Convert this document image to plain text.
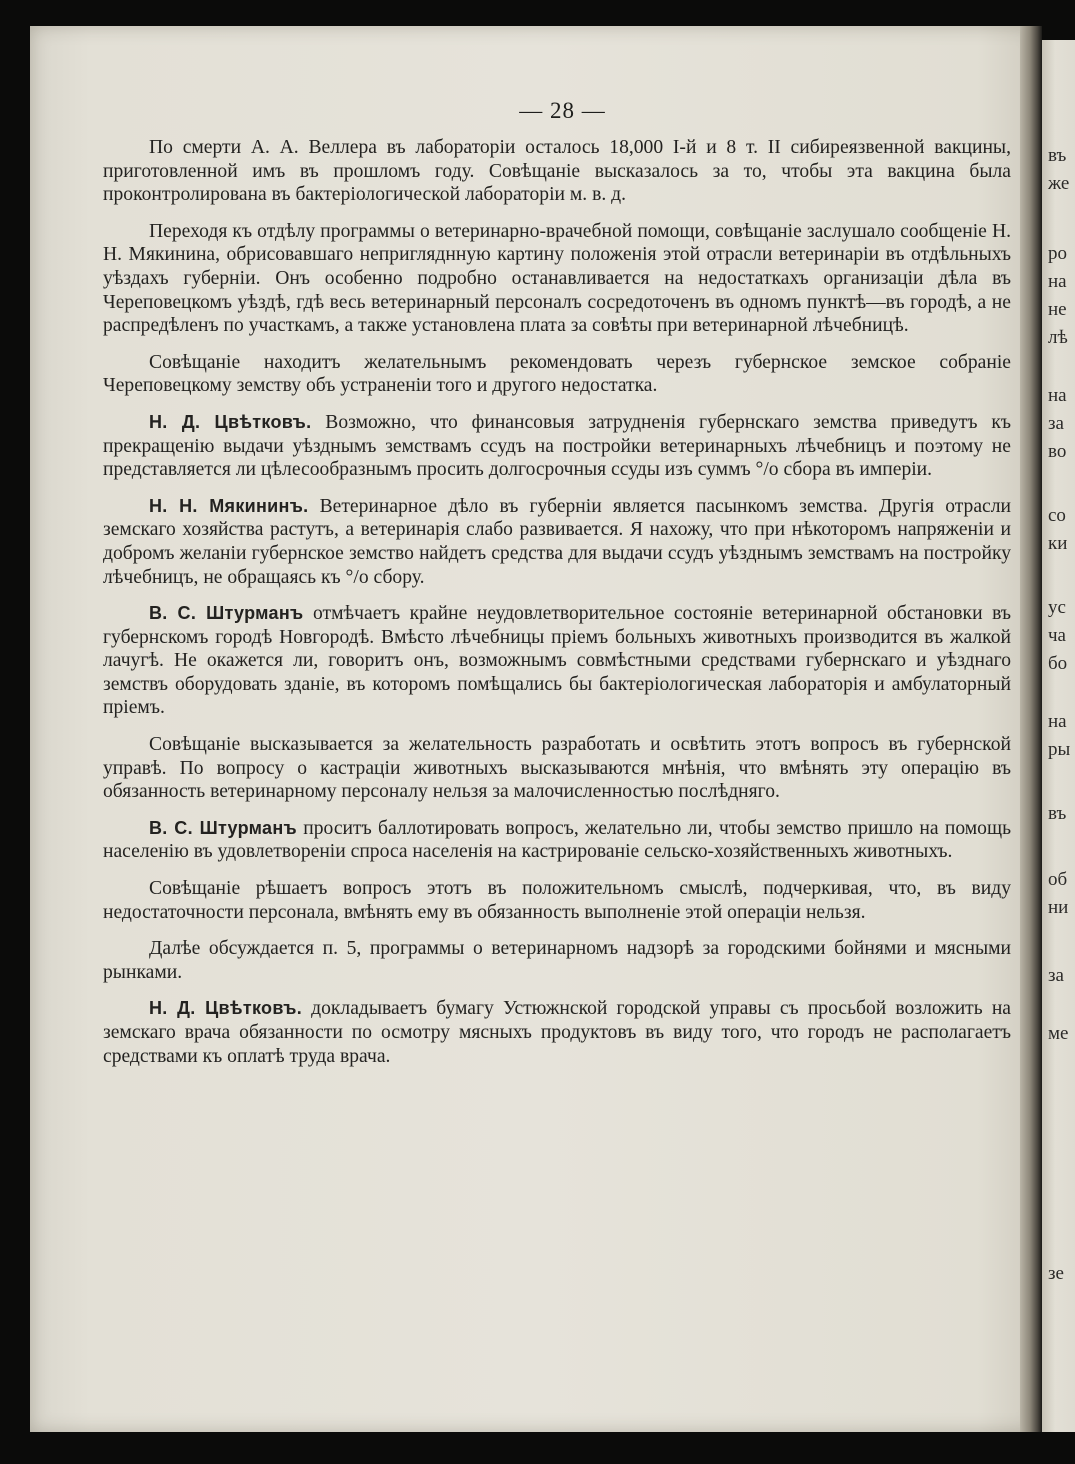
въ
же
ро
на
не
лѣ
на
за
во
со
ки
ус
ча
бо
на
ры
въ
об
ни
за
ме
зе
— 28 —

По смерти А. А. Веллера въ лабораторіи осталось 18,000 I-й и 8 т. II сибиреязвенной вакцины, приготовленной имъ въ прошломъ году. Совѣщаніе высказалось за то, чтобы эта вакцина была проконтролирована въ бактеріологической лабораторіи м. в. д.

Переходя къ отдѣлу программы о ветеринарно-врачебной помощи, совѣщаніе заслушало сообщеніе Н. Н. Мякинина, обрисовавшаго непригляднную картину положенія этой отрасли ветеринаріи въ отдѣльныхъ уѣздахъ губерніи. Онъ особенно подробно останавливается на недостаткахъ организаціи дѣла въ Череповецкомъ уѣздѣ, гдѣ весь ветеринарный персоналъ сосредоточенъ въ одномъ пунктѣ—въ городѣ, а не распредѣленъ по участкамъ, а также установлена плата за совѣты при ветеринарной лѣчебницѣ.

Совѣщаніе находитъ желательнымъ рекомендовать черезъ губернское земское собраніе Череповецкому земству объ устраненіи того и другого недостатка.

Н. Д. Цвѣтковъ. Возможно, что финансовыя затрудненія губернскаго земства приведутъ къ прекращенію выдачи уѣзднымъ земствамъ ссудъ на постройки ветеринарныхъ лѣчебницъ и поэтому не представляется ли цѣлесообразнымъ просить долгосрочныя ссуды изъ суммъ °/о сбора въ имперіи.

Н. Н. Мякининъ. Ветеринарное дѣло въ губерніи является пасынкомъ земства. Другія отрасли земскаго хозяйства растутъ, а ветеринарія слабо развивается. Я нахожу, что при нѣкоторомъ напряженіи и добромъ желаніи губернское земство найдетъ средства для выдачи ссудъ уѣзднымъ земствамъ на постройку лѣчебницъ, не обращаясь къ °/о сбору.

В. С. Штурманъ отмѣчаетъ крайне неудовлетворительное состояніе ветеринарной обстановки въ губернскомъ городѣ Новгородѣ. Вмѣсто лѣчебницы пріемъ больныхъ животныхъ производится въ жалкой лачугѣ. Не окажется ли, говоритъ онъ, возможнымъ совмѣстными средствами губернскаго и уѣзднаго земствъ оборудовать зданіе, въ которомъ помѣщались бы бактеріологическая лабораторія и амбулаторный пріемъ.

Совѣщаніе высказывается за желательность разработать и освѣтить этотъ вопросъ въ губернской управѣ. По вопросу о кастраціи животныхъ высказываются мнѣнія, что вмѣнять эту операцію въ обязанность ветеринарному персоналу нельзя за малочисленностью послѣдняго.

В. С. Штурманъ проситъ баллотировать вопросъ, желательно ли, чтобы земство пришло на помощь населенію въ удовлетвореніи спроса населенія на кастрированіе сельско-хозяйственныхъ животныхъ.

Совѣщаніе рѣшаетъ вопросъ этотъ въ положительномъ смыслѣ, подчеркивая, что, въ виду недостаточности персонала, вмѣнять ему въ обязанность выполненіе этой операціи нельзя.

Далѣе обсуждается п. 5, программы о ветеринарномъ надзорѣ за городскими бойнями и мясными рынками.

Н. Д. Цвѣтковъ. докладываетъ бумагу Устюжнской городской управы съ просьбой возложить на земскаго врача обязанности по осмотру мясныхъ продуктовъ въ виду того, что городъ не располагаетъ средствами къ оплатѣ труда врача.
